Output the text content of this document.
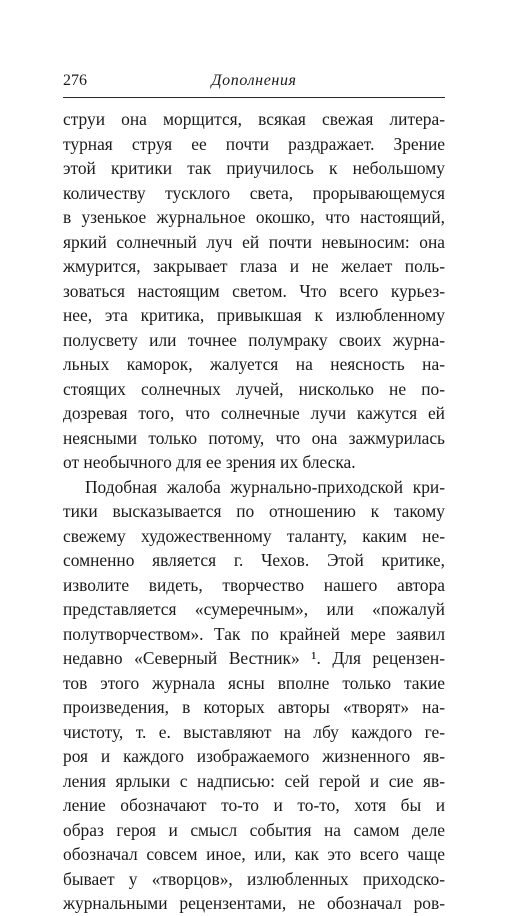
276	Дополнения
струи она морщится, всякая свежая литера-
турная струя ее почти раздражает. Зрение
этой критики так приучилось к небольшому
количеству тусклого света, прорывающемуся
в узенькое журнальное окошко, что настоящий,
яркий солнечный луч ей почти невыносим: она
жмурится, закрывает глаза и не желает поль-
зоваться настоящим светом. Что всего курьез-
нее, эта критика, привыкшая к излюбленному
полусвету или точнее полумраку своих журна-
льных каморок, жалуется на неясность на-
стоящих солнечных лучей, нисколько не по-
дозревая того, что солнечные лучи кажутся ей
неясными только потому, что она зажмурилась
от необычного для ее зрения их блеска.
Подобная жалоба журнально-приходской кри-
тики высказывается по отношению к такому
свежему художественному таланту, каким не-
сомненно является г. Чехов. Этой критике,
изволите видеть, творчество нашего автора
представляется «сумеречным», или «пожалуй
полутворчеством». Так по крайней мере заявил
недавно «Северный Вестник» ¹. Для рецензен-
тов этого журнала ясны вполне только такие
произведения, в которых авторы «творят» на-
чистоту, т. е. выставляют на лбу каждого ге-
роя и каждого изображаемого жизненного яв-
ления ярлыки с надписью: сей герой и сие яв-
ление обозначают то-то и то-то, хотя бы и
образ героя и смысл события на самом деле
обозначал совсем иное, или, как это всего чаще
бывает у «творцов», излюбленных приходско-
журнальными рецензентами, не обозначал ров-
